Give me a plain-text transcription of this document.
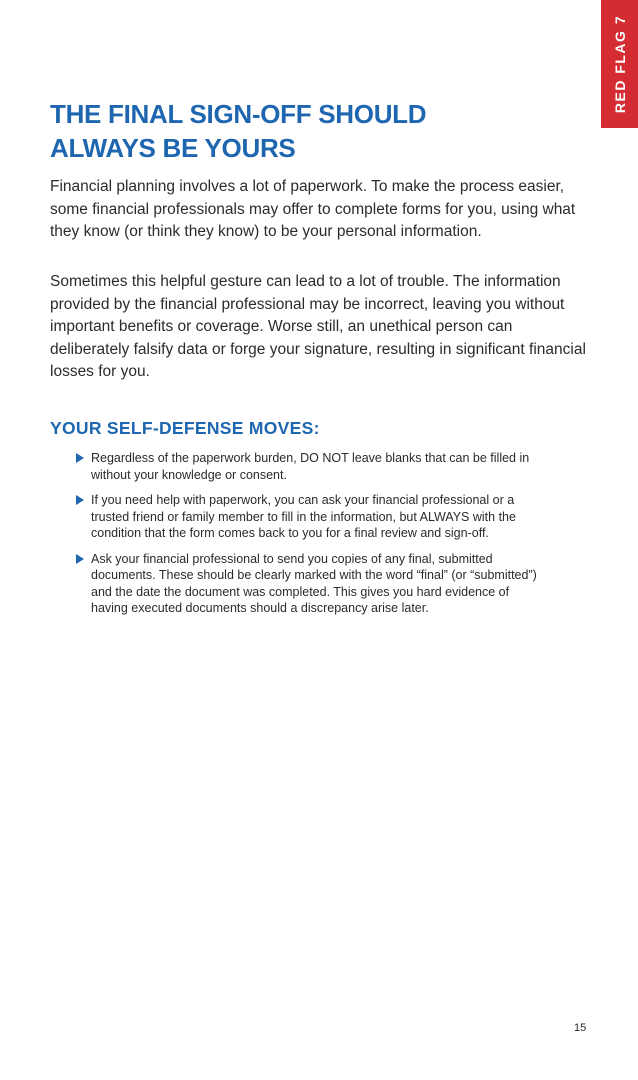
RED FLAG 7
THE FINAL SIGN-OFF SHOULD ALWAYS BE YOURS

Financial planning involves a lot of paperwork. To make the process easier, some financial professionals may offer to complete forms for you, using what they know (or think they know) to be your personal information.

Sometimes this helpful gesture can lead to a lot of trouble. The information provided by the financial professional may be incorrect, leaving you without important benefits or coverage. Worse still, an unethical person can deliberately falsify data or forge your signature, resulting in significant financial losses for you.

YOUR SELF-DEFENSE MOVES:
Regardless of the paperwork burden, DO NOT leave blanks that can be filled in without your knowledge or consent.
If you need help with paperwork, you can ask your financial professional or a trusted friend or family member to fill in the information, but ALWAYS with the condition that the form comes back to you for a final review and sign-off.
Ask your financial professional to send you copies of any final, submitted documents. These should be clearly marked with the word “final” (or “submitted”) and the date the document was completed. This gives you hard evidence of having executed documents should a discrepancy arise later.
15
